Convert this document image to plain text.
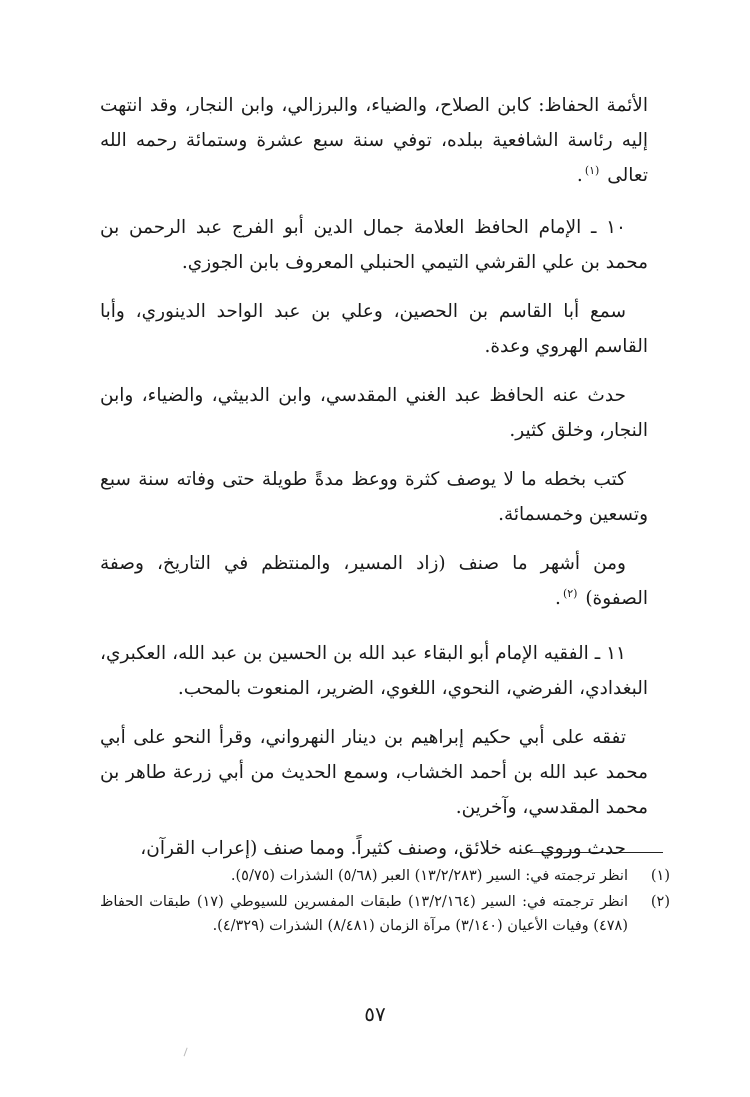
الأئمة الحفاظ: كابن الصلاح، والضياء، والبرزالي، وابن النجار، وقد انتهت إليه رئاسة الشافعية ببلده، توفي سنة سبع عشرة وستمائة رحمه الله تعالى $^{(١)}$.

١٠ ـ الإمام الحافظ العلامة جمال الدين أبو الفرج عبد الرحمن بن محمد بن علي القرشي التيمي الحنبلي المعروف بابن الجوزي.

سمع أبا القاسم بن الحصين، وعلي بن عبد الواحد الدينوري، وأبا القاسم الهروي وعدة.

حدث عنه الحافظ عبد الغني المقدسي، وابن الدبيثي، والضياء، وابن النجار، وخلق كثير.

كتب بخطه ما لا يوصف كثرة ووعظ مدةً طويلة حتى وفاته سنة سبع وتسعين وخمسمائة.

ومن أشهر ما صنف (زاد المسير، والمنتظم في التاريخ، وصفة الصفوة) $^{(٢)}$.

١١ ـ الفقيه الإمام أبو البقاء عبد الله بن الحسين بن عبد الله، العكبري، البغدادي، الفرضي، النحوي، اللغوي، الضرير، المنعوت بالمحب.

تفقه على أبي حكيم إبراهيم بن دينار النهرواني، وقرأ النحو على أبي محمد عبد الله بن أحمد الخشاب، وسمع الحديث من أبي زرعة طاهر بن محمد المقدسي، وآخرين.

حدث وروي عنه خلائق، وصنف كثيراً. ومما صنف (إعراب القرآن،

(١)
انظر ترجمته في: السير (١٣/٢/٢٨٣) العبر (٥/٦٨) الشذرات (٥/٧٥).
(٢)
انظر ترجمته في: السير (١٣/٢/١٦٤) طبقات المفسرين للسيوطي (١٧) طبقات الحفاظ (٤٧٨) وفيات الأعيان (٣/١٤٠) مرآة الزمان (٨/٤٨١) الشذرات (٤/٣٢٩).
٥٧
